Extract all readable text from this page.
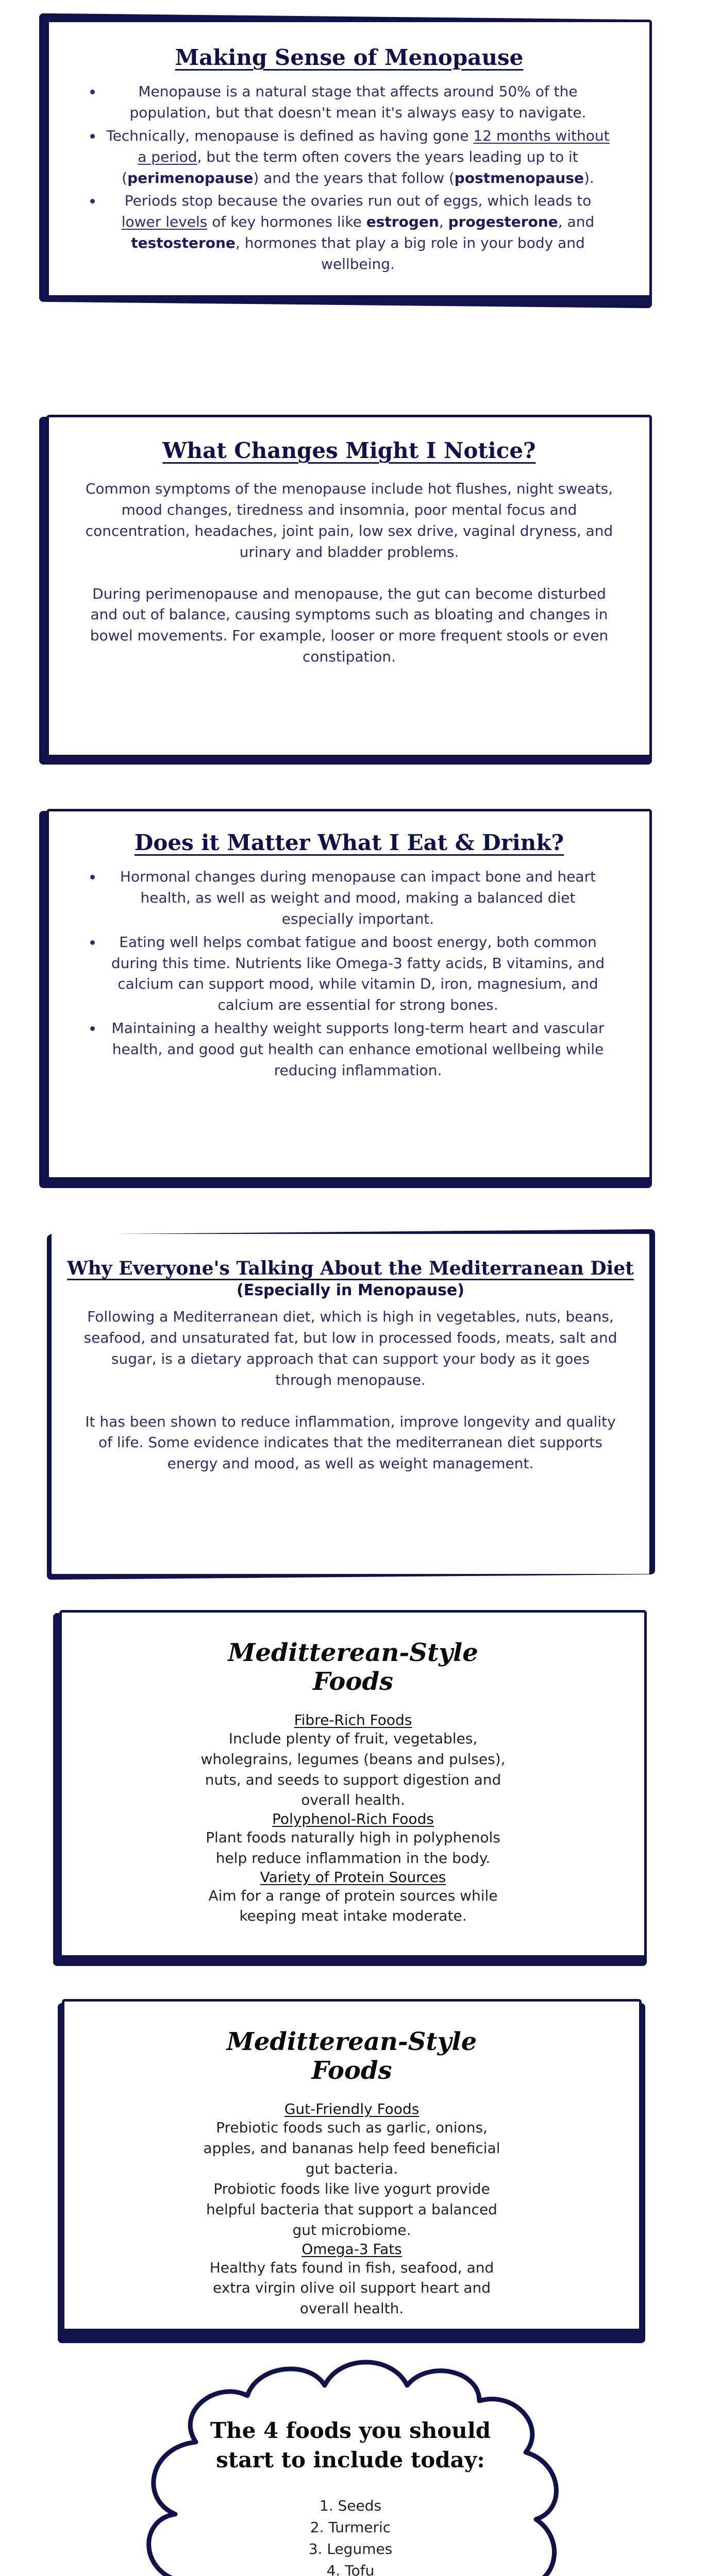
Making Sense of Menopause
• Menopause is a natural stage that affects around 50% of the population, but that doesn't mean it's always easy to navigate.
• Technically, menopause is defined as having gone 12 months without a period, but the term often covers the years leading up to it (perimenopause) and the years that follow (postmenopause).
• Periods stop because the ovaries run out of eggs, which leads to lower levels of key hormones like estrogen, progesterone, and testosterone, hormones that play a big role in your body and wellbeing.
What Changes Might I Notice?

Common symptoms of the menopause include hot flushes, night sweats, mood changes, tiredness and insomnia, poor mental focus and concentration, headaches, joint pain, low sex drive, vaginal dryness, and urinary and bladder problems.

During perimenopause and menopause, the gut can become disturbed and out of balance, causing symptoms such as bloating and changes in bowel movements. For example, looser or more frequent stools or even constipation.

Does it Matter What I Eat & Drink?
• Hormonal changes during menopause can impact bone and heart health, as well as weight and mood, making a balanced diet especially important.
• Eating well helps combat fatigue and boost energy, both common during this time. Nutrients like Omega-3 fatty acids, B vitamins, and calcium can support mood, while vitamin D, iron, magnesium, and calcium are essential for strong bones.
• Maintaining a healthy weight supports long-term heart and vascular health, and good gut health can enhance emotional wellbeing while reducing inflammation.
Why Everyone's Talking About the Mediterranean Diet
(Especially in Menopause)

Following a Mediterranean diet, which is high in vegetables, nuts, beans, seafood, and unsaturated fat, but low in processed foods, meats, salt and sugar, is a dietary approach that can support your body as it goes through menopause.

It has been shown to reduce inflammation, improve longevity and quality of life. Some evidence indicates that the mediterranean diet supports energy and mood, as well as weight management.

Meditterean-Style Foods
Fibre-Rich Foods
Include plenty of fruit, vegetables, wholegrains, legumes (beans and pulses), nuts, and seeds to support digestion and overall health.
Polyphenol-Rich Foods
Plant foods naturally high in polyphenols help reduce inflammation in the body.
Variety of Protein Sources
Aim for a range of protein sources while keeping meat intake moderate.
Meditterean-Style Foods
Gut-Friendly Foods
Prebiotic foods such as garlic, onions, apples, and bananas help feed beneficial gut bacteria.
Probiotic foods like live yogurt provide helpful bacteria that support a balanced gut microbiome.
Omega-3 Fats
Healthy fats found in fish, seafood, and extra virgin olive oil support heart and overall health.
The 4 foods you should start to include today:
1. Seeds
2. Turmeric
3. Legumes
4. Tofu
